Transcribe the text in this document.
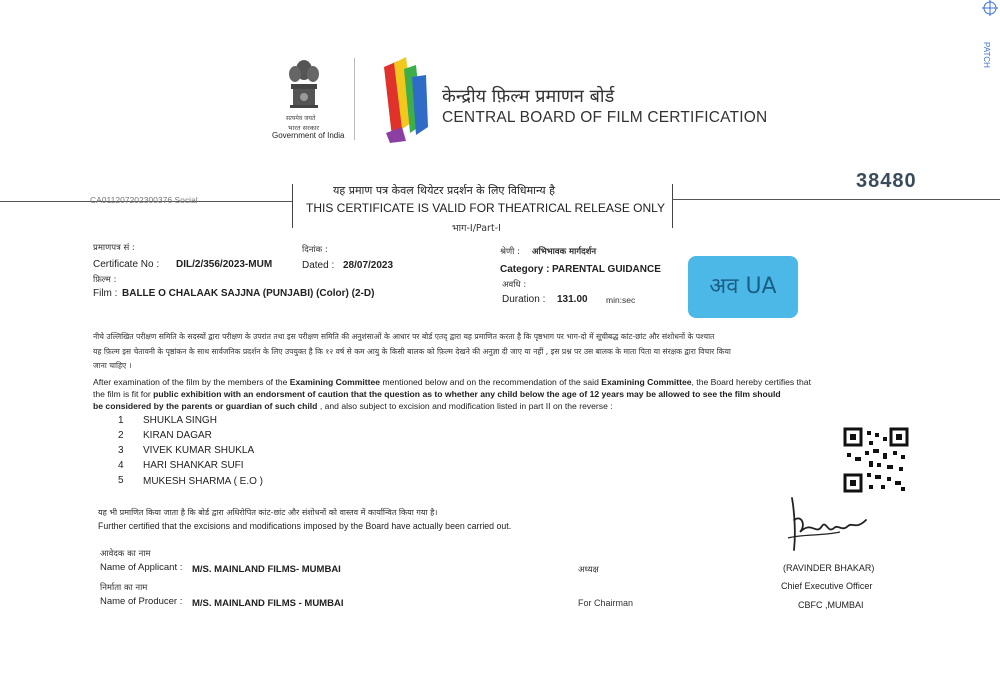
PATCH
सत्यमेव जयते
भारत सरकार
Government of India
केन्द्रीय फ़िल्म प्रमाणन बोर्ड
CENTRAL BOARD OF FILM CERTIFICATION
38480
CA011207202300376 Social
यह प्रमाण पत्र केवल थियेटर प्रदर्शन के लिए विधिमान्य है
THIS CERTIFICATE IS VALID FOR THEATRICAL RELEASE ONLY
भाग-I/Part-I
प्रमाणपत्र सं :
Certificate No : DIL/2/356/2023-MUM
दिनांक :
Dated : 28/07/2023
श्रेणी : अभिभावक मार्गदर्शन
Category : PARENTAL GUIDANCE
फ़िल्म :
Film : BALLE O CHALAAK SAJJNA (PUNJABI) (Color) (2-D)
अवधि :
Duration : 131.00 min:sec
अव UA
नीचे उल्लिखित परीक्षण समिति के सदस्यों द्वारा परीक्षण के उपरांत तथा इस परीक्षण समिति की अनुशंसाओं के आधार पर बोर्ड एतद् द्वारा यह प्रमाणित करता है कि पृष्ठभाग पर भाग-दो में सूचीबद्ध कांट-छांट और संशोधनों के पश्चात
यह फ़िल्म इस चेतावनी के पृष्ठांकन के साथ सार्वजनिक प्रदर्शन के लिए उपयुक्त है कि १२ वर्ष से कम आयु के किसी बालक को फ़िल्म देखने की अनुज्ञा दी जाए या नहीं , इस प्रश्न पर उस बालक के माता पिता या संरक्षक द्वारा विचार किया
जाना चाहिए ।
After examination of the film by the members of the Examining Committee mentioned below and on the recommendation of the said Examining Committee, the Board hereby certifies that
the film is fit for public exhibition with an endorsment of caution that the question as to whether any child below the age of 12 years may be allowed to see the film should
be considered by the parents or guardian of such child , and also subject to excision and modification listed in part II on the reverse :
1 SHUKLA SINGH
2 KIRAN DAGAR
3 VIVEK KUMAR SHUKLA
4 HARI SHANKAR SUFI
5 MUKESH SHARMA ( E.O )
यह भी प्रमाणित किया जाता है कि बोर्ड द्वारा अधिरोपित कांट-छांट और संशोधनों को वास्तव में कार्यान्वित किया गया है।
Further certified that the excisions and modifications imposed by the Board have actually been carried out.
आवेदक का नाम
Name of Applicant : M/S. MAINLAND FILMS- MUMBAI
निर्माता का नाम
Name of Producer : M/S. MAINLAND FILMS - MUMBAI
अध्यक्ष
For Chairman
(RAVINDER BHAKAR)
Chief Executive Officer
CBFC ,MUMBAI
